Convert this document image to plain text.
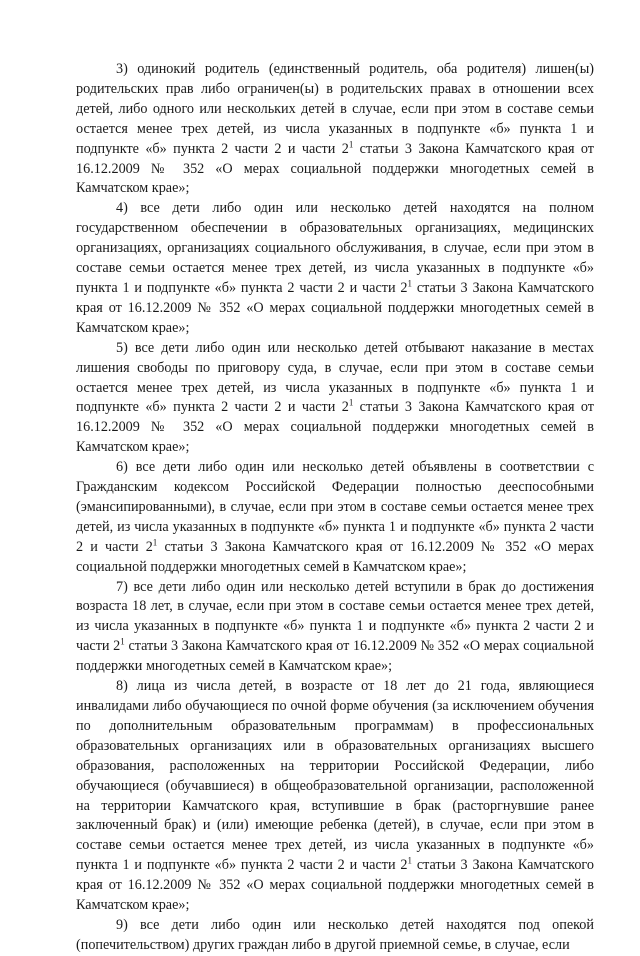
3) одинокий родитель (единственный родитель, оба родителя) лишен(ы) родительских прав либо ограничен(ы) в родительских правах в отношении всех детей, либо одного или нескольких детей в случае, если при этом в составе семьи остается менее трех детей, из числа указанных в подпункте «б» пункта 1 и подпункте «б» пункта 2 части 2 и части $2^1$ статьи 3 Закона Камчатского края от 16.12.2009 № 352 «О мерах социальной поддержки многодетных семей в Камчатском крае»;

4) все дети либо один или несколько детей находятся на полном государственном обеспечении в образовательных организациях, медицинских организациях, организациях социального обслуживания, в случае, если при этом в составе семьи остается менее трех детей, из числа указанных в подпункте «б» пункта 1 и подпункте «б» пункта 2 части 2 и части $2^1$ статьи 3 Закона Камчатского края от 16.12.2009 № 352 «О мерах социальной поддержки многодетных семей в Камчатском крае»;

5) все дети либо один или несколько детей отбывают наказание в местах лишения свободы по приговору суда, в случае, если при этом в составе семьи остается менее трех детей, из числа указанных в подпункте «б» пункта 1 и подпункте «б» пункта 2 части 2 и части $2^1$ статьи 3 Закона Камчатского края от 16.12.2009 № 352 «О мерах социальной поддержки многодетных семей в Камчатском крае»;

6) все дети либо один или несколько детей объявлены в соответствии с Гражданским кодексом Российской Федерации полностью дееспособными (эмансипированными), в случае, если при этом в составе семьи остается менее трех детей, из числа указанных в подпункте «б» пункта 1 и подпункте «б» пункта 2 части 2 и части $2^1$ статьи 3 Закона Камчатского края от 16.12.2009 № 352 «О мерах социальной поддержки многодетных семей в Камчатском крае»;

7) все дети либо один или несколько детей вступили в брак до достижения возраста 18 лет, в случае, если при этом в составе семьи остается менее трех детей, из числа указанных в подпункте «б» пункта 1 и подпункте «б» пункта 2 части 2 и части $2^1$ статьи 3 Закона Камчатского края от 16.12.2009 № 352 «О мерах социальной поддержки многодетных семей в Камчатском крае»;

8) лица из числа детей, в возрасте от 18 лет до 21 года, являющиеся инвалидами либо обучающиеся по очной форме обучения (за исключением обучения по дополнительным образовательным программам) в профессиональных образовательных организациях или в образовательных организациях высшего образования, расположенных на территории Российской Федерации, либо обучающиеся (обучавшиеся) в общеобразовательной организации, расположенной на территории Камчатского края, вступившие в брак (расторгнувшие ранее заключенный брак) и (или) имеющие ребенка (детей), в случае, если при этом в составе семьи остается менее трех детей, из числа указанных в подпункте «б» пункта 1 и подпункте «б» пункта 2 части 2 и части $2^1$ статьи 3 Закона Камчатского края от 16.12.2009 № 352 «О мерах социальной поддержки многодетных семей в Камчатском крае»;

9) все дети либо один или несколько детей находятся под опекой (попечительством) других граждан либо в другой приемной семье, в случае, если
